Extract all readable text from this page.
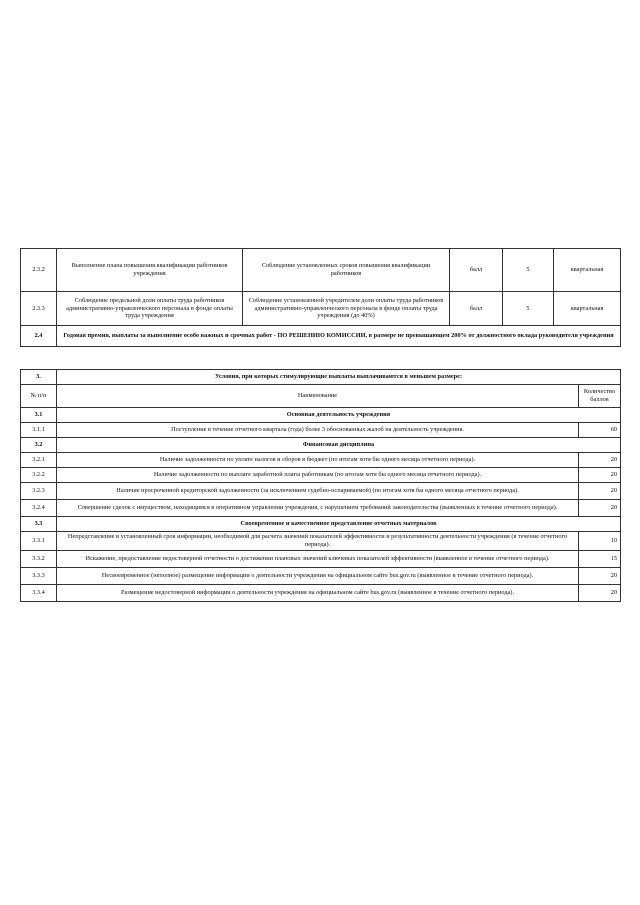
2.3.2	Выполнение плана повышения квалификации работников учреждения	Соблюдение установленных сроков повышения квалификации работников	балл	5	квартальная
2.3.3	Соблюдение предельной доли оплаты труда работников административно-управленческого персонала в фонде оплаты труда учреждения	Соблюдение установленной учредителем доли оплаты труда работников административно-управленческого персонала в фонде оплаты труда учреждения (до 40%)	балл	5	квартальная
2.4	Годовая премия, выплаты за выполнение особо важных и срочных работ - ПО РЕШЕНИЮ КОМИССИИ, в размере не превышающем 200% от должностного оклада руководителя учреждения				
3.	Условия, при которых стимулирующие выплаты выплачиваются в меньшем размере:	
№ п/п	Наименование	Количество баллов
3.1	Основная деятельность учреждения	
3.1.1	Поступление в течение отчетного квартала (года) более 3 обоснованных жалоб на деятельность учреждения.	60
3.2	Финансовая дисциплина	
3.2.1	Наличие задолженности по уплате налогов и сборов в бюджет (по итогам хотя бы одного месяца отчетного периода).	20
3.2.2	Наличие задолженности по выплате заработной платы работникам (по итогам хотя бы одного месяца отчетного периода).	20
3.2.3	Наличие просроченной кредиторской задолженности (за исключением судебно-оспариваемой) (по итогам хотя бы одного месяца отчетного периода).	20
3.2.4	Совершение сделок с имуществом, находящимся в оперативном управлении учреждения, с нарушением требований законодательства (выявленных в течение отчетного периода).	20
3.3	Своевременное и качественное представление отчетных материалов	
3.3.1	Непредставление в установленный срок информации, необходимой для расчета значений показателей эффективности и результативности деятельности учреждения (в течение отчетного периода).	10
3.3.2	Искажение, предоставление недостоверной отчетности о достижении плановых значений ключевых показателей эффективности (выявленное в течение отчетного периода).	15
3.3.3	Несвоевременное (неполное) размещение информации о деятельности учреждения на официальном сайте bus.gov.ru (выявленное в течение отчетного периода).	20
3.3.4	Размещение недостоверной информации о деятельности учреждения на официальном сайте bus.gov.ru (выявленное в течение отчетного периода).	20
